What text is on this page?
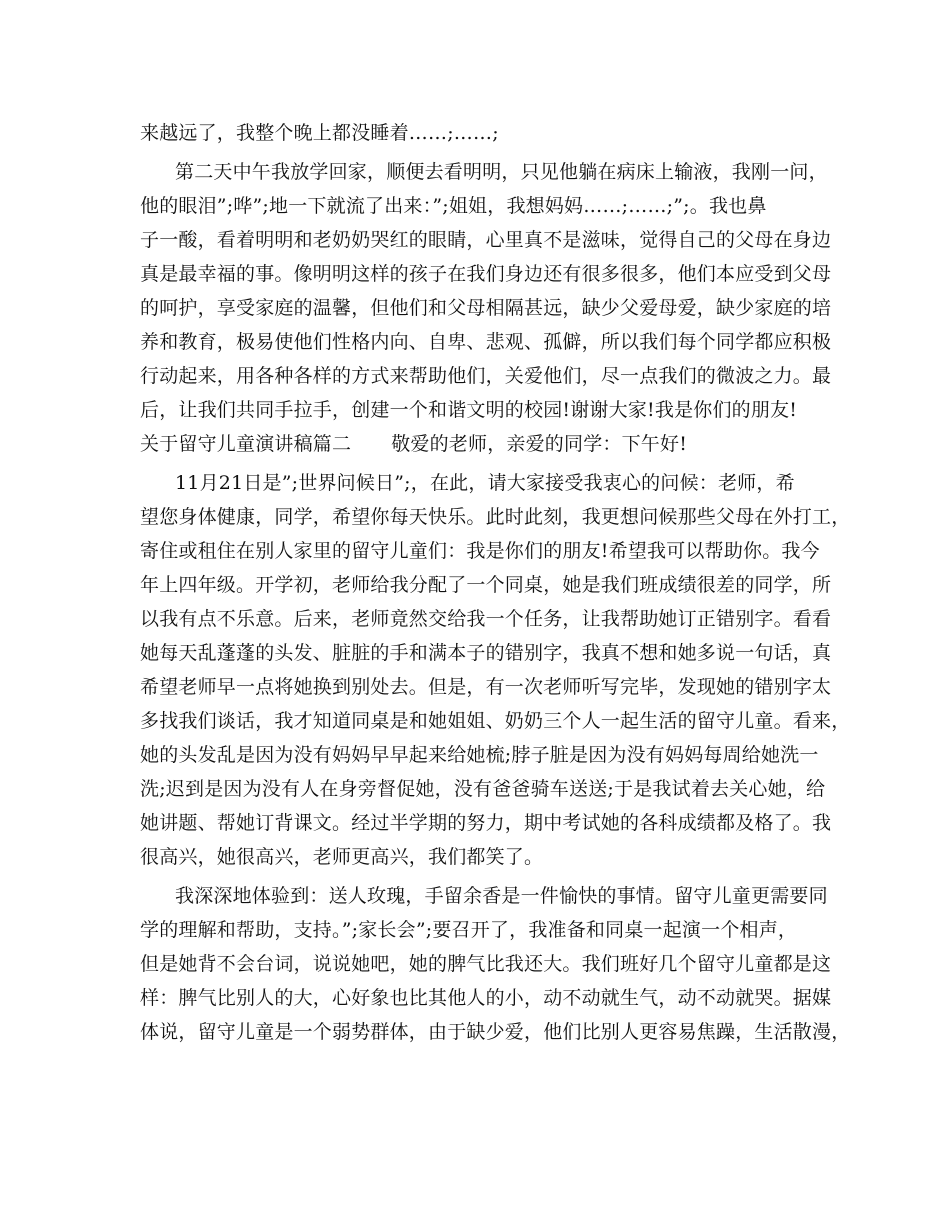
来越远了，我整个晚上都没睡着……;……;
第二天中午我放学回家，顺便去看明明，只见他躺在病床上输液，我刚一问，
他的眼泪”;哗”;地一下就流了出来：”;姐姐，我想妈妈……;……;”;。我也鼻
子一酸，看着明明和老奶奶哭红的眼睛，心里真不是滋味，觉得自己的父母在身边
真是最幸福的事。像明明这样的孩子在我们身边还有很多很多，他们本应受到父母
的呵护，享受家庭的温馨，但他们和父母相隔甚远，缺少父爱母爱，缺少家庭的培
养和教育，极易使他们性格内向、自卑、悲观、孤僻，所以我们每个同学都应积极
行动起来，用各种各样的方式来帮助他们，关爱他们，尽一点我们的微波之力。最
后，让我们共同手拉手，创建一个和谐文明的校园!谢谢大家!我是你们的朋友!
关于留守儿童演讲稿篇二 敬爱的老师，亲爱的同学：下午好!
11月21日是”;世界问候日”;，在此，请大家接受我衷心的问候：老师，希
望您身体健康，同学，希望你每天快乐。此时此刻，我更想问候那些父母在外打工，
寄住或租住在别人家里的留守儿童们：我是你们的朋友!希望我可以帮助你。我今
年上四年级。开学初，老师给我分配了一个同桌，她是我们班成绩很差的同学，所
以我有点不乐意。后来，老师竟然交给我一个任务，让我帮助她订正错别字。看看
她每天乱蓬蓬的头发、脏脏的手和满本子的错别字，我真不想和她多说一句话，真
希望老师早一点将她换到别处去。但是，有一次老师听写完毕，发现她的错别字太
多找我们谈话，我才知道同桌是和她姐姐、奶奶三个人一起生活的留守儿童。看来，
她的头发乱是因为没有妈妈早早起来给她梳;脖子脏是因为没有妈妈每周给她洗一
洗;迟到是因为没有人在身旁督促她，没有爸爸骑车送送;于是我试着去关心她，给
她讲题、帮她订背课文。经过半学期的努力，期中考试她的各科成绩都及格了。我
很高兴，她很高兴，老师更高兴，我们都笑了。
我深深地体验到：送人玫瑰，手留余香是一件愉快的事情。留守儿童更需要同
学的理解和帮助，支持。”;家长会”;要召开了，我准备和同桌一起演一个相声，
但是她背不会台词，说说她吧，她的脾气比我还大。我们班好几个留守儿童都是这
样：脾气比别人的大，心好象也比其他人的小，动不动就生气，动不动就哭。据媒
体说，留守儿童是一个弱势群体，由于缺少爱，他们比别人更容易焦躁，生活散漫，
